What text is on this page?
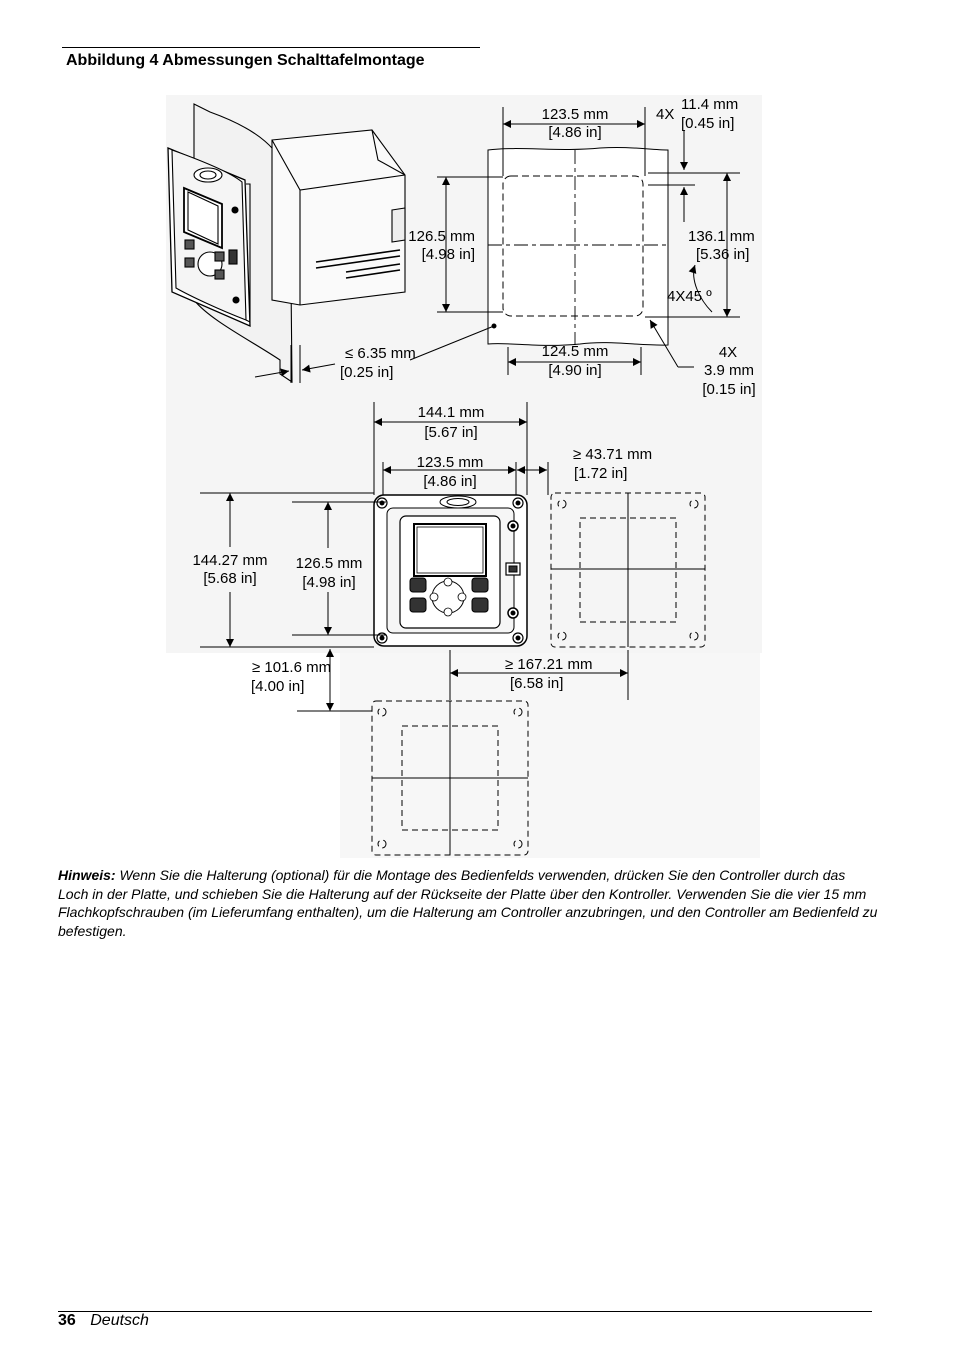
Abbildung 4 Abmessungen Schalttafelmontage
123.5 mm
[4.86 in]
4X
11.4 mm
[0.45 in]
126.5 mm
[4.98 in]
136.1 mm
[5.36 in]
4X45 º
≤ 6.35 mm
[0.25 in]
124.5 mm
[4.90 in]
4X
3.9 mm
[0.15 in]
144.1 mm
[5.67 in]
123.5 mm
[4.86 in]
≥ 43.71 mm
[1.72 in]
144.27 mm
[5.68 in]
126.5 mm
[4.98 in]
≥ 101.6 mm
[4.00 in]
≥ 167.21 mm
[6.58 in]
Hinweis: Wenn Sie die Halterung (optional) für die Montage des Bedienfelds verwenden, drücken Sie den Controller durch das Loch in der Platte, und schieben Sie die Halterung auf der Rückseite der Platte über den Kontroller. Verwenden Sie die vier 15 mm Flachkopfschrauben (im Lieferumfang enthalten), um die Halterung am Controller anzubringen, und den Controller am Bedienfeld zu befestigen.
36 Deutsch
